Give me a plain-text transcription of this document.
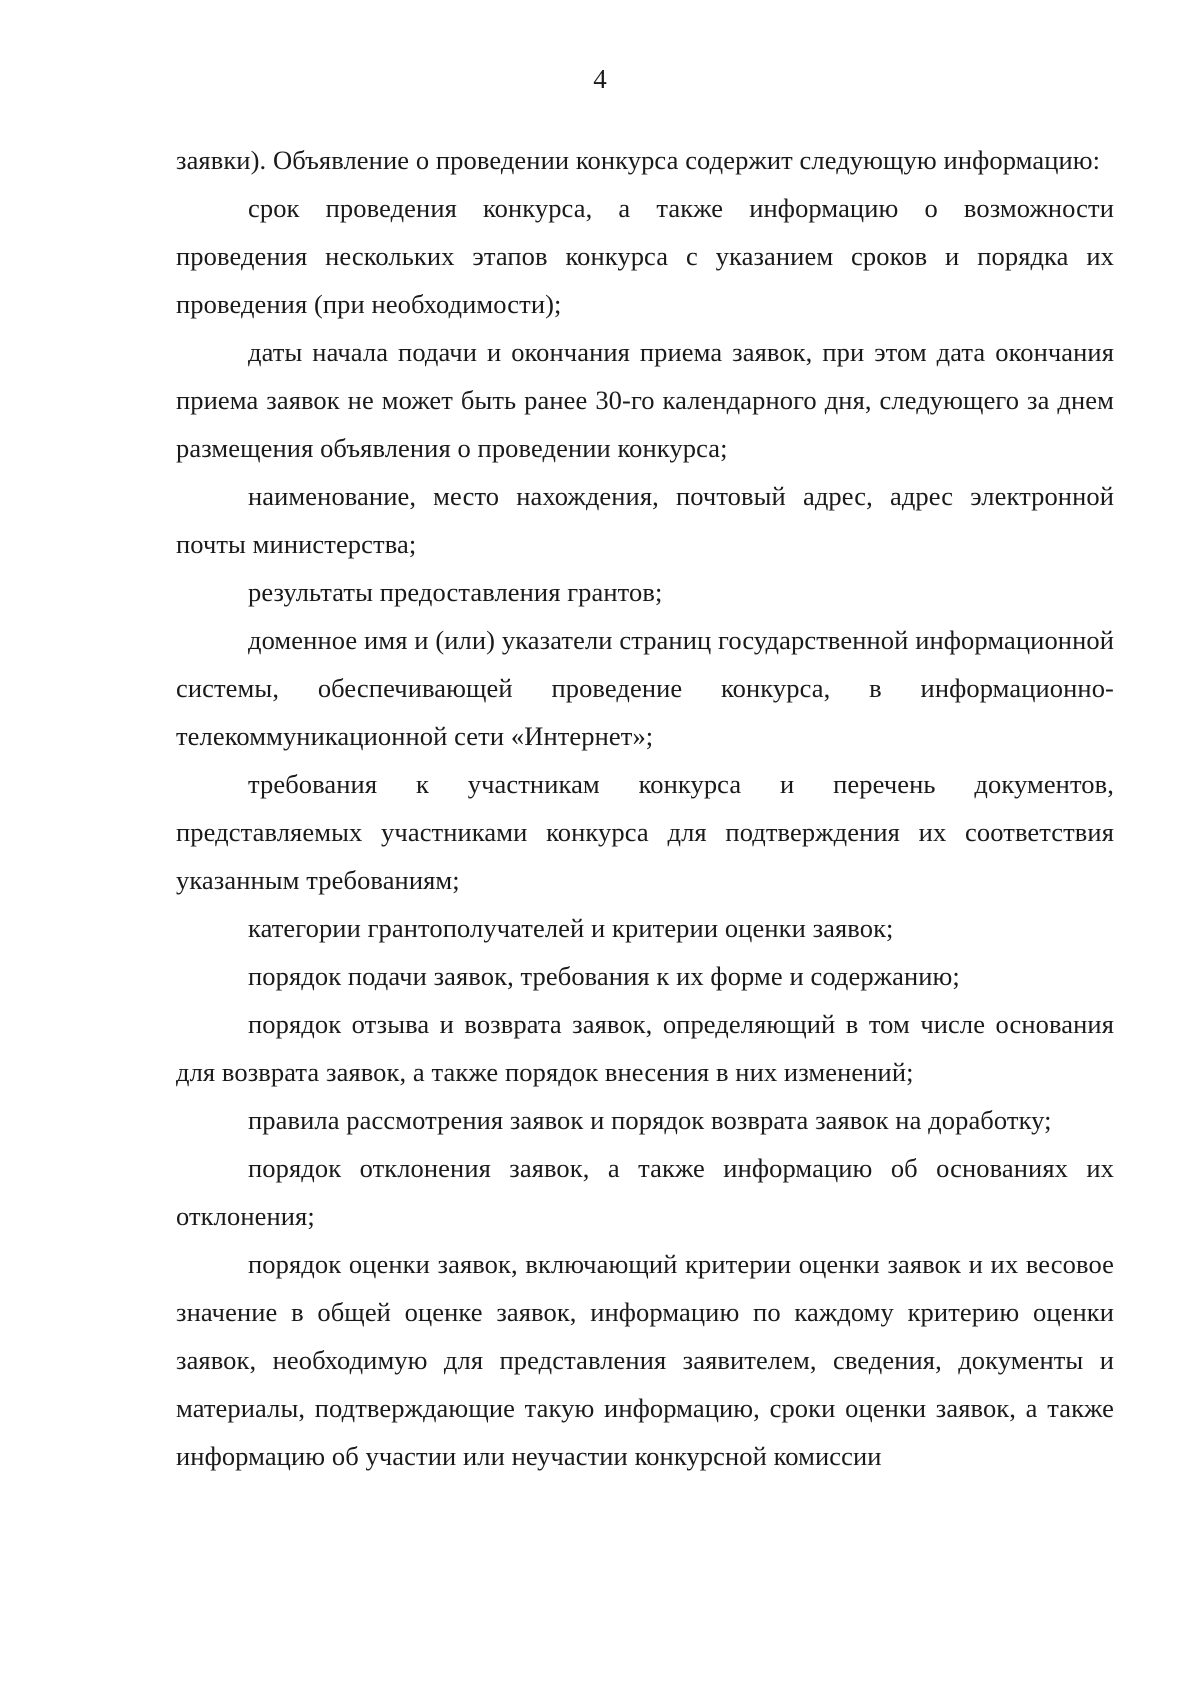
4

заявки). Объявление о проведении конкурса содержит следующую информацию:

срок проведения конкурса, а также информацию о возможности проведения нескольких этапов конкурса с указанием сроков и порядка их проведения (при необходимости);

даты начала подачи и окончания приема заявок, при этом дата окончания приема заявок не может быть ранее 30-го календарного дня, следующего за днем размещения объявления о проведении конкурса;

наименование, место нахождения, почтовый адрес, адрес электронной почты министерства;

результаты предоставления грантов;

доменное имя и (или) указатели страниц государственной информационной системы, обеспечивающей проведение конкурса, в информационно-телекоммуникационной сети «Интернет»;

требования к участникам конкурса и перечень документов, представляемых участниками конкурса для подтверждения их соответствия указанным требованиям;

категории грантополучателей и критерии оценки заявок;

порядок подачи заявок, требования к их форме и содержанию;

порядок отзыва и возврата заявок, определяющий в том числе основания для возврата заявок, а также порядок внесения в них изменений;

правила рассмотрения заявок и порядок возврата заявок на доработку;

порядок отклонения заявок, а также информацию об основаниях их отклонения;

порядок оценки заявок, включающий критерии оценки заявок и их весовое значение в общей оценке заявок, информацию по каждому критерию оценки заявок, необходимую для представления заявителем, сведения, документы и материалы, подтверждающие такую информацию, сроки оценки заявок, а также информацию об участии или неучастии конкурсной комиссии
